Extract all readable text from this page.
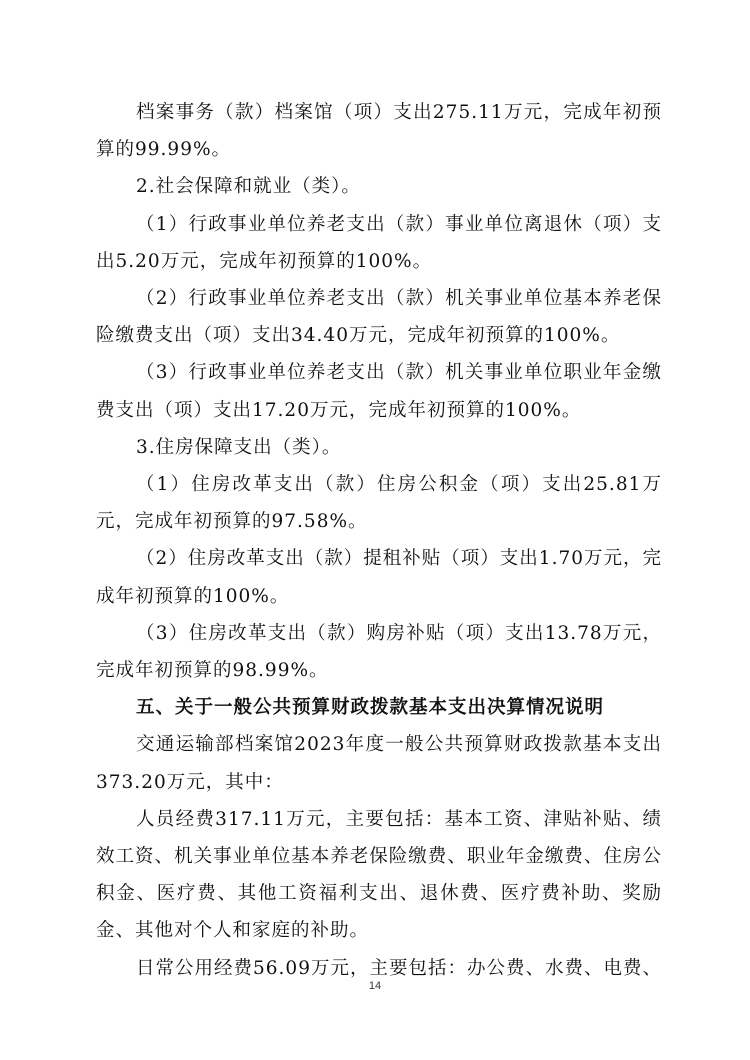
档案事务（款）档案馆（项）支出275.11万元，完成年初预算的99.99%。

2.社会保障和就业（类）。

（1）行政事业单位养老支出（款）事业单位离退休（项）支出5.20万元，完成年初预算的100%。

（2）行政事业单位养老支出（款）机关事业单位基本养老保险缴费支出（项）支出34.40万元，完成年初预算的100%。

（3）行政事业单位养老支出（款）机关事业单位职业年金缴费支出（项）支出17.20万元，完成年初预算的100%。

3.住房保障支出（类）。

（1）住房改革支出（款）住房公积金（项）支出25.81万元，完成年初预算的97.58%。

（2）住房改革支出（款）提租补贴（项）支出1.70万元，完成年初预算的100%。

（3）住房改革支出（款）购房补贴（项）支出13.78万元，完成年初预算的98.99%。

五、关于一般公共预算财政拨款基本支出决算情况说明

交通运输部档案馆2023年度一般公共预算财政拨款基本支出373.20万元，其中：

人员经费317.11万元，主要包括：基本工资、津贴补贴、绩效工资、机关事业单位基本养老保险缴费、职业年金缴费、住房公积金、医疗费、其他工资福利支出、退休费、医疗费补助、奖励金、其他对个人和家庭的补助。

日常公用经费56.09万元，主要包括：办公费、水费、电费、

14
